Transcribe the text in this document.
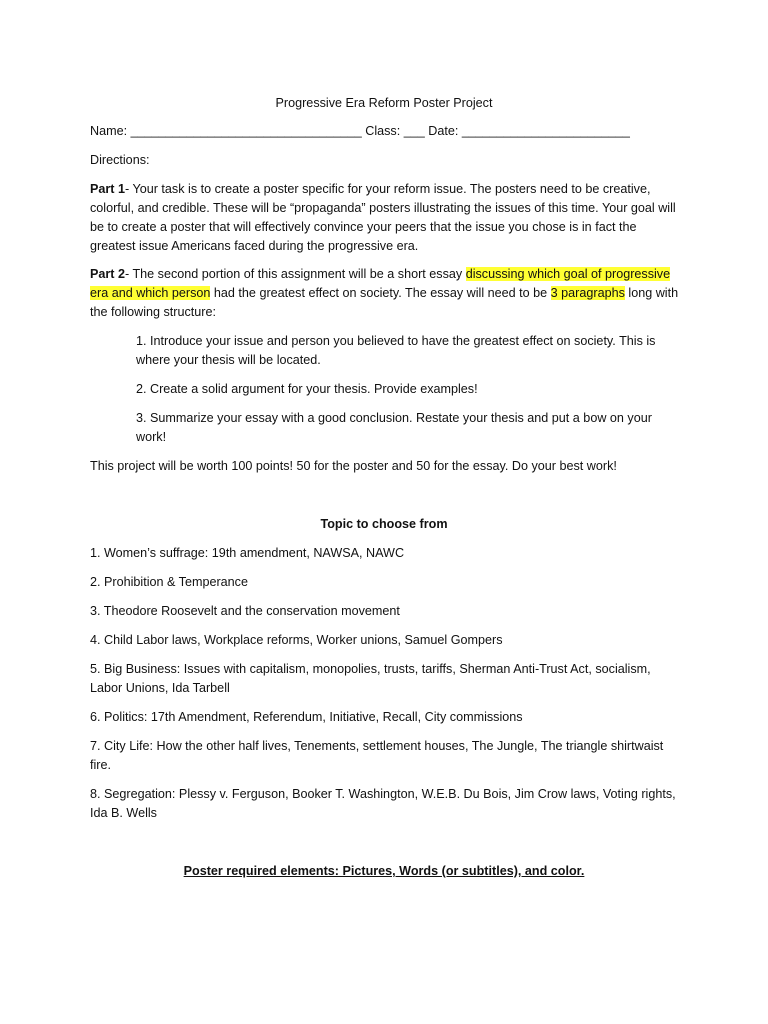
Progressive Era Reform Poster Project
Name: _________________________________ Class: ___ Date: ________________________
Directions:
Part 1- Your task is to create a poster specific for your reform issue. The posters need to be creative, colorful, and credible. These will be “propaganda” posters illustrating the issues of this time. Your goal will be to create a poster that will effectively convince your peers that the issue you chose is in fact the greatest issue Americans faced during the progressive era.
Part 2- The second portion of this assignment will be a short essay discussing which goal of progressive era and which person had the greatest effect on society. The essay will need to be 3 paragraphs long with the following structure:
1. Introduce your issue and person you believed to have the greatest effect on society. This is where your thesis will be located.
2. Create a solid argument for your thesis. Provide examples!
3. Summarize your essay with a good conclusion. Restate your thesis and put a bow on your work!
This project will be worth 100 points! 50 for the poster and 50 for the essay. Do your best work!
Topic to choose from
1. Women’s suffrage: 19th amendment, NAWSA, NAWC
2. Prohibition & Temperance
3. Theodore Roosevelt and the conservation movement
4. Child Labor laws, Workplace reforms, Worker unions, Samuel Gompers
5. Big Business: Issues with capitalism, monopolies, trusts, tariffs, Sherman Anti-Trust Act, socialism, Labor Unions, Ida Tarbell
6. Politics: 17th Amendment, Referendum, Initiative, Recall, City commissions
7. City Life: How the other half lives, Tenements, settlement houses, The Jungle, The triangle shirtwaist fire.
8. Segregation: Plessy v. Ferguson, Booker T. Washington, W.E.B. Du Bois, Jim Crow laws, Voting rights, Ida B. Wells
Poster required elements: Pictures, Words (or subtitles), and color.
